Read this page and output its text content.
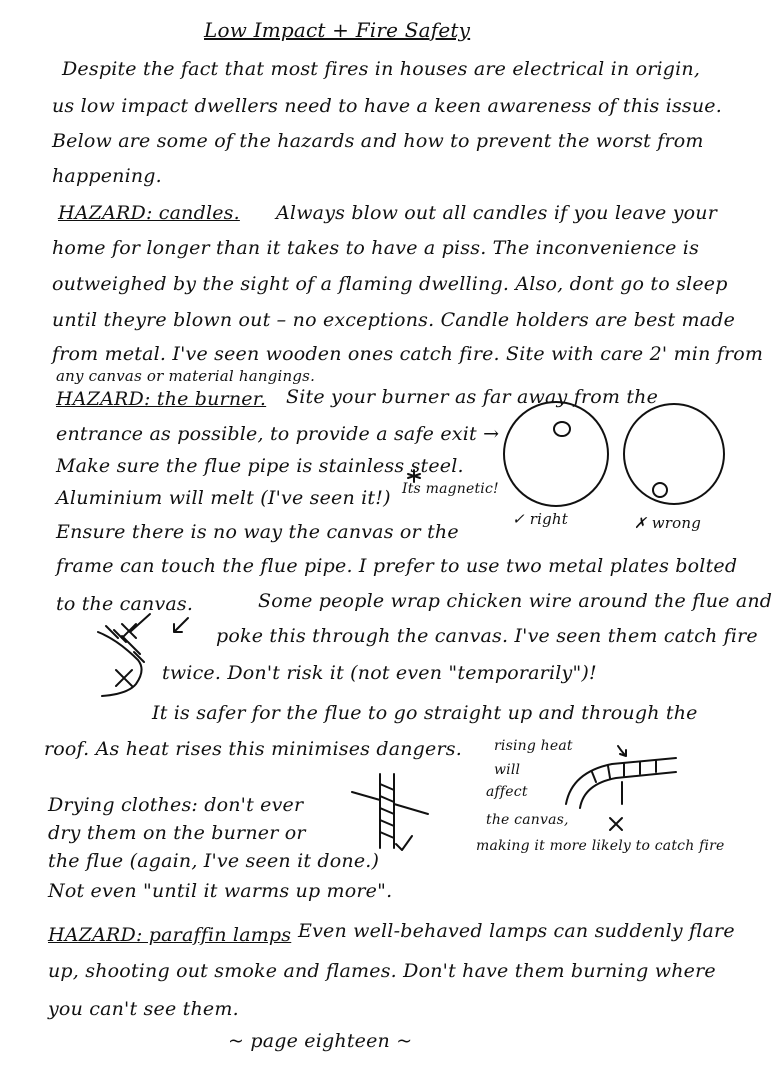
Low Impact + Fire Safety
Despite the fact that most fires in houses are electrical in origin,
us low impact dwellers need to have a keen awareness of this issue.
Below are some of the hazards and how to prevent the worst from
happening.
HAZARD: candles. Always blow out all candles if you leave your
home for longer than it takes to have a piss. The inconvenience is
outweighed by the sight of a flaming dwelling. Also, dont go to sleep
until theyre blown out – no exceptions. Candle holders are best made
from metal. I've seen wooden ones catch fire. Site with care 2' min from
any canvas or material hangings.
HAZARD: the burner. Site your burner as far away from the
entrance as possible, to provide a safe exit →
Make sure the flue pipe is stainless steel.
Aluminium will melt (I've seen it!) Its magnetic!
Ensure there is no way the canvas or the
✓ right	✗ wrong
frame can touch the flue pipe. I prefer to use two metal plates bolted
to the canvas.	Some people wrap chicken wire around the flue and
poke this through the canvas. I've seen them catch fire
twice. Don't risk it (not even "temporarily")!
It is safer for the flue to go straight up and through the
roof. As heat rises this minimises dangers.
Drying clothes: don't ever
dry them on the burner or
the flue (again, I've seen it done.)
Not even "until it warms up more".
rising heat
will
affect
the canvas,
making it more likely to catch fire
HAZARD: paraffin lamps Even well-behaved lamps can suddenly flare
up, shooting out smoke and flames. Don't have them burning where
you can't see them.
~ page eighteen ~
